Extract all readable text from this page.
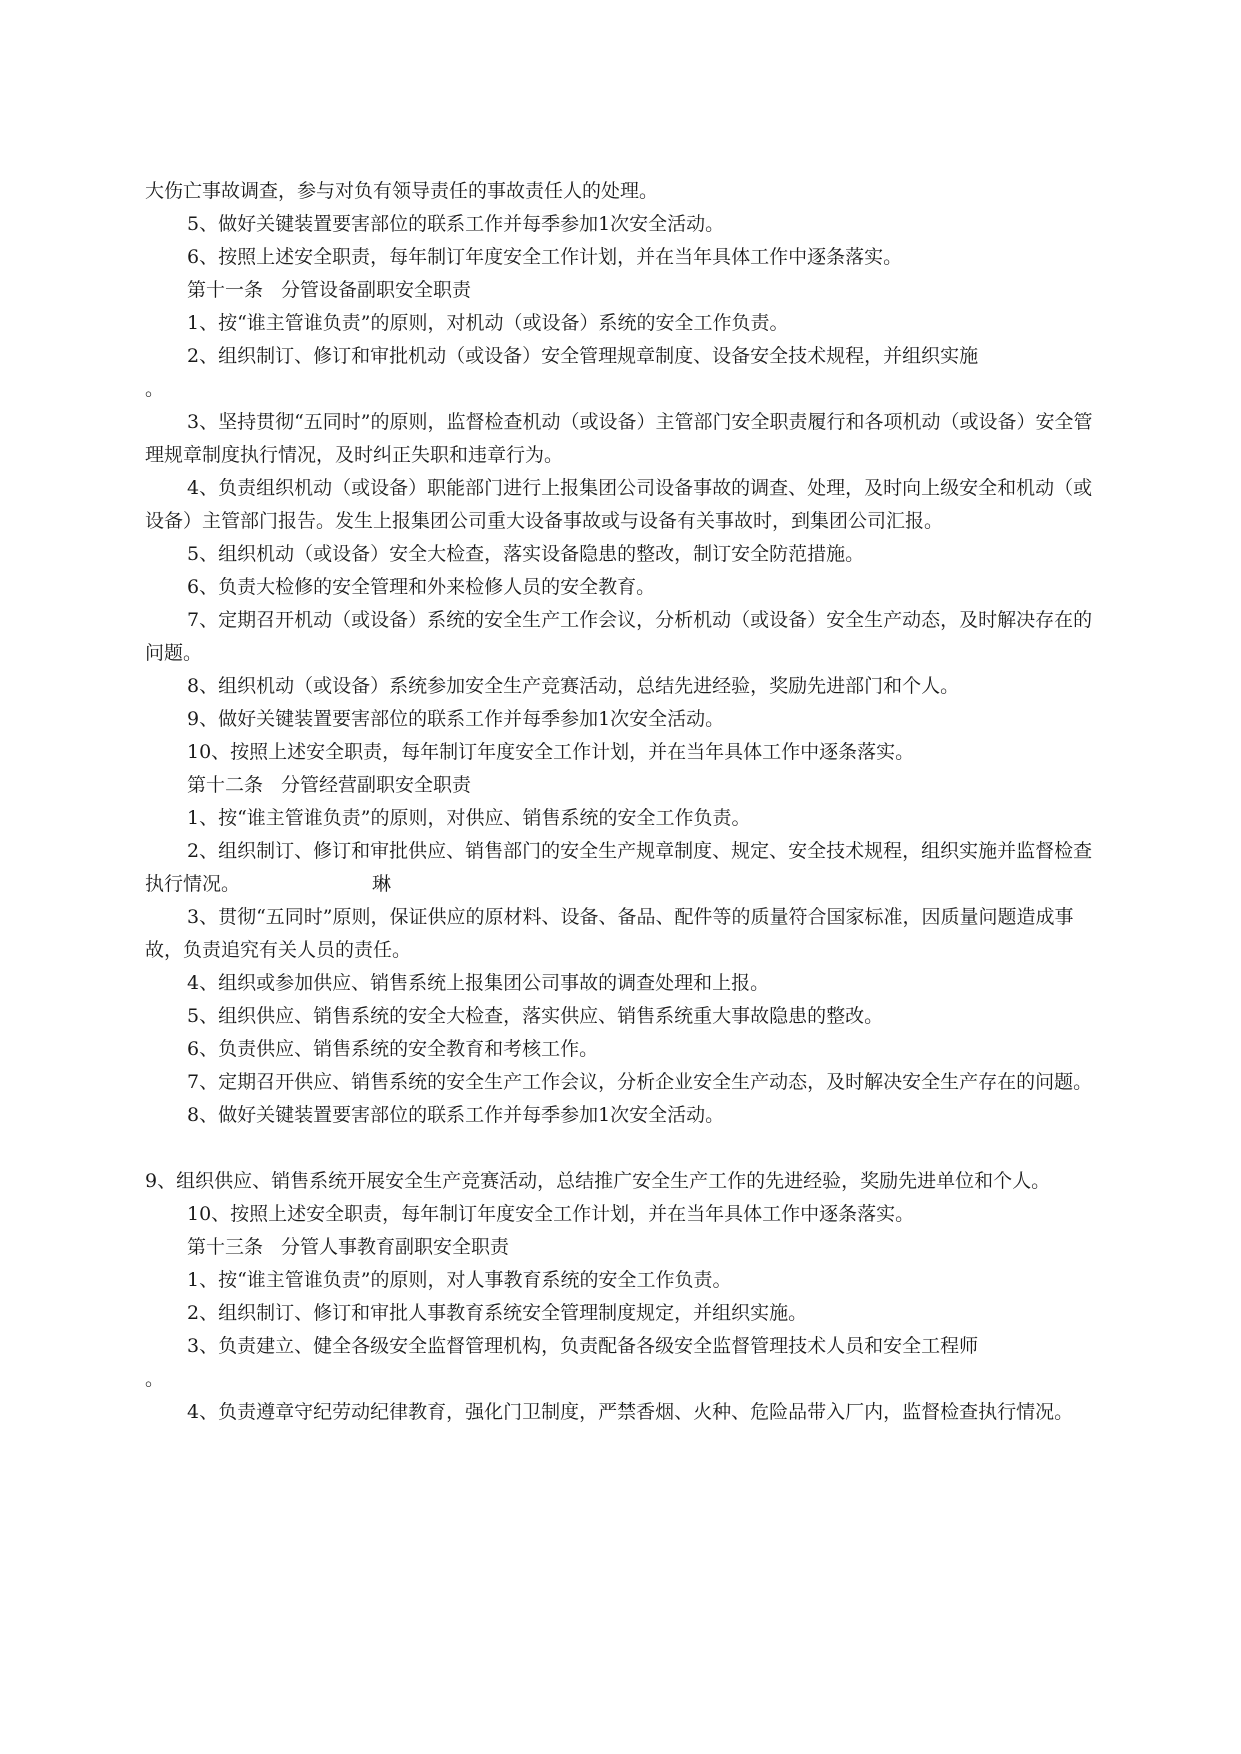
大伤亡事故调查，参与对负有领导责任的事故责任人的处理。

5、做好关键装置要害部位的联系工作并每季参加1次安全活动。

6、按照上述安全职责，每年制订年度安全工作计划，并在当年具体工作中逐条落实。

第十一条 分管设备副职安全职责

1、按“谁主管谁负责”的原则，对机动（或设备）系统的安全工作负责。

2、组织制订、修订和审批机动（或设备）安全管理规章制度、设备安全技术规程，并组织实施

。

3、坚持贯彻“五同时”的原则，监督检查机动（或设备）主管部门安全职责履行和各项机动（或设备）安全管理规章制度执行情况，及时纠正失职和违章行为。

4、负责组织机动（或设备）职能部门进行上报集团公司设备事故的调查、处理，及时向上级安全和机动（或设备）主管部门报告。发生上报集团公司重大设备事故或与设备有关事故时，到集团公司汇报。

5、组织机动（或设备）安全大检查，落实设备隐患的整改，制订安全防范措施。

6、负责大检修的安全管理和外来检修人员的安全教育。

7、定期召开机动（或设备）系统的安全生产工作会议，分析机动（或设备）安全生产动态，及时解决存在的问题。

8、组织机动（或设备）系统参加安全生产竞赛活动，总结先进经验，奖励先进部门和个人。

9、做好关键装置要害部位的联系工作并每季参加1次安全活动。

10、按照上述安全职责，每年制订年度安全工作计划，并在当年具体工作中逐条落实。

第十二条 分管经营副职安全职责

1、按“谁主管谁负责”的原则，对供应、销售系统的安全工作负责。

2、组织制订、修订和审批供应、销售部门的安全生产规章制度、规定、安全技术规程，组织实施并监督检查执行情况。	琳

3、贯彻“五同时”原则，保证供应的原材料、设备、备品、配件等的质量符合国家标准，因质量问题造成事故，负责追究有关人员的责任。

4、组织或参加供应、销售系统上报集团公司事故的调查处理和上报。

5、组织供应、销售系统的安全大检查，落实供应、销售系统重大事故隐患的整改。

6、负责供应、销售系统的安全教育和考核工作。

7、定期召开供应、销售系统的安全生产工作会议，分析企业安全生产动态，及时解决安全生产存在的问题。

8、做好关键装置要害部位的联系工作并每季参加1次安全活动。

9、组织供应、销售系统开展安全生产竞赛活动，总结推广安全生产工作的先进经验，奖励先进单位和个人。

10、按照上述安全职责，每年制订年度安全工作计划，并在当年具体工作中逐条落实。

第十三条 分管人事教育副职安全职责

1、按“谁主管谁负责”的原则，对人事教育系统的安全工作负责。

2、组织制订、修订和审批人事教育系统安全管理制度规定，并组织实施。

3、负责建立、健全各级安全监督管理机构，负责配备各级安全监督管理技术人员和安全工程师

。

4、负责遵章守纪劳动纪律教育，强化门卫制度，严禁香烟、火种、危险品带入厂内，监督检查执行情况。
